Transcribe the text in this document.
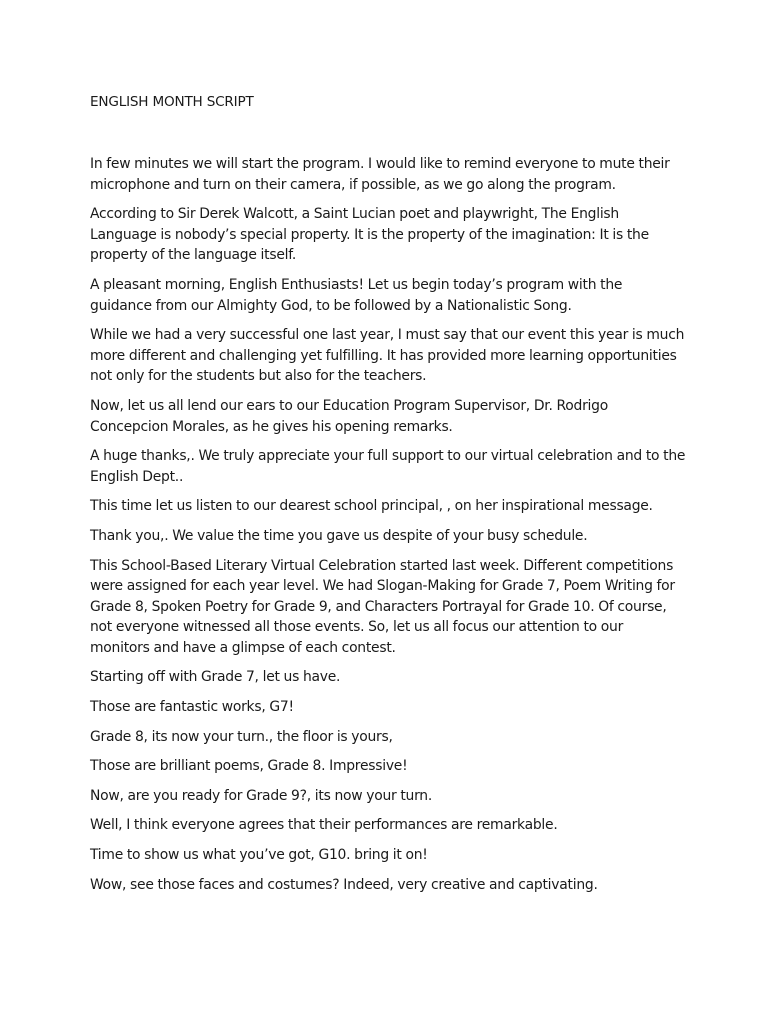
ENGLISH MONTH SCRIPT

In few minutes we will start the program. I would like to remind everyone to mute their microphone and turn on their camera, if possible, as we go along the program.

According to Sir Derek Walcott, a Saint Lucian poet and playwright, The English Language is nobody’s special property. It is the property of the imagination: It is the property of the language itself.

A pleasant morning, English Enthusiasts! Let us begin today’s program with the guidance from our Almighty God, to be followed by a Nationalistic Song.

While we had a very successful one last year, I must say that our event this year is much more different and challenging yet fulfilling. It has provided more learning opportunities not only for the students but also for the teachers.

Now, let us all lend our ears to our Education Program Supervisor, Dr. Rodrigo Concepcion Morales, as he gives his opening remarks.

A huge thanks,. We truly appreciate your full support to our virtual celebration and to the English Dept..

This time let us listen to our dearest school principal, , on her inspirational message.

Thank you,. We value the time you gave us despite of your busy schedule.

This School-Based Literary Virtual Celebration started last week. Different competitions were assigned for each year level. We had Slogan-Making for Grade 7, Poem Writing for Grade 8, Spoken Poetry for Grade 9, and Characters Portrayal for Grade 10. Of course, not everyone witnessed all those events. So, let us all focus our attention to our monitors and have a glimpse of each contest.

Starting off with Grade 7, let us have.

Those are fantastic works, G7!

Grade 8, its now your turn., the floor is yours,

Those are brilliant poems, Grade 8. Impressive!

Now, are you ready for Grade 9?, its now your turn.

Well, I think everyone agrees that their performances are remarkable.

Time to show us what you’ve got, G10. bring it on!

Wow, see those faces and costumes? Indeed, very creative and captivating.
